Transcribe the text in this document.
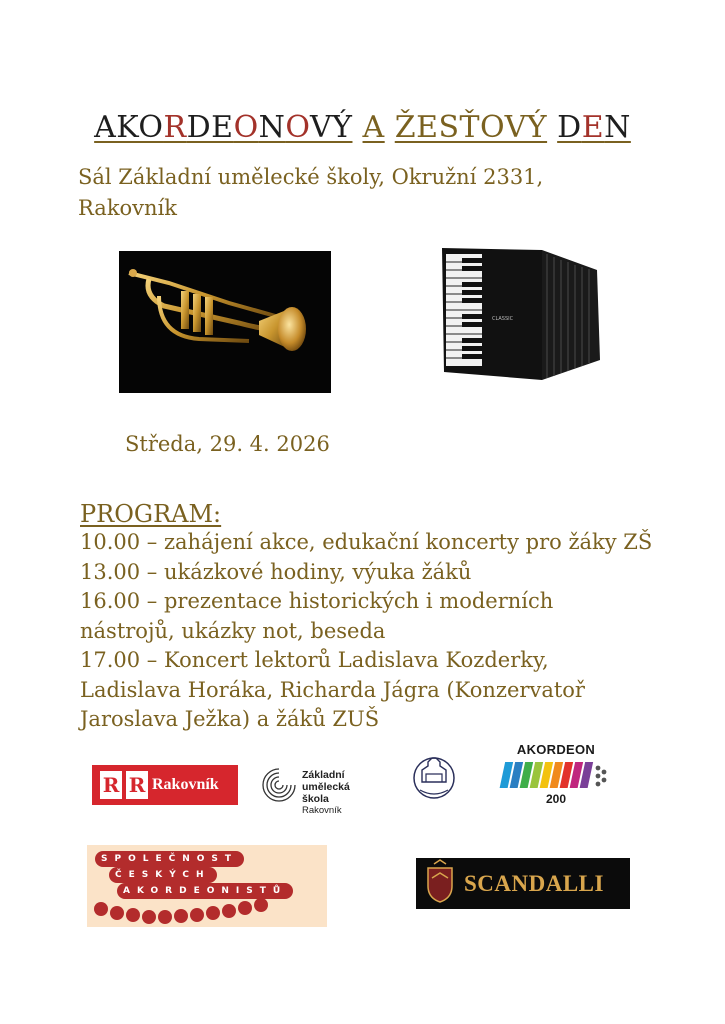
AKORDEONOVÝ A ŽESŤOVÝ DEN
Sál Základní umělecké školy, Okružní 2331,
Rakovník
CLASSIC
Středa, 29. 4. 2026
PROGRAM:
10.00 – zahájení akce, edukační koncerty pro žáky ZŠ
13.00 – ukázkové hodiny, výuka žáků
16.00 – prezentace historických i moderních
nástrojů, ukázky not, beseda
17.00 – Koncert lektorů Ladislava Kozderky,
Ladislava Horáka, Richarda Jágra (Konzervatoř
Jaroslava Ježka) a žáků ZUŠ
R R Rakovník
Základní
umělecká škola
Rakovník
AKORDEON
200
SPOLEČNOST
ČESKÝCH
AKORDEONISTŮ	SCANDALLI
